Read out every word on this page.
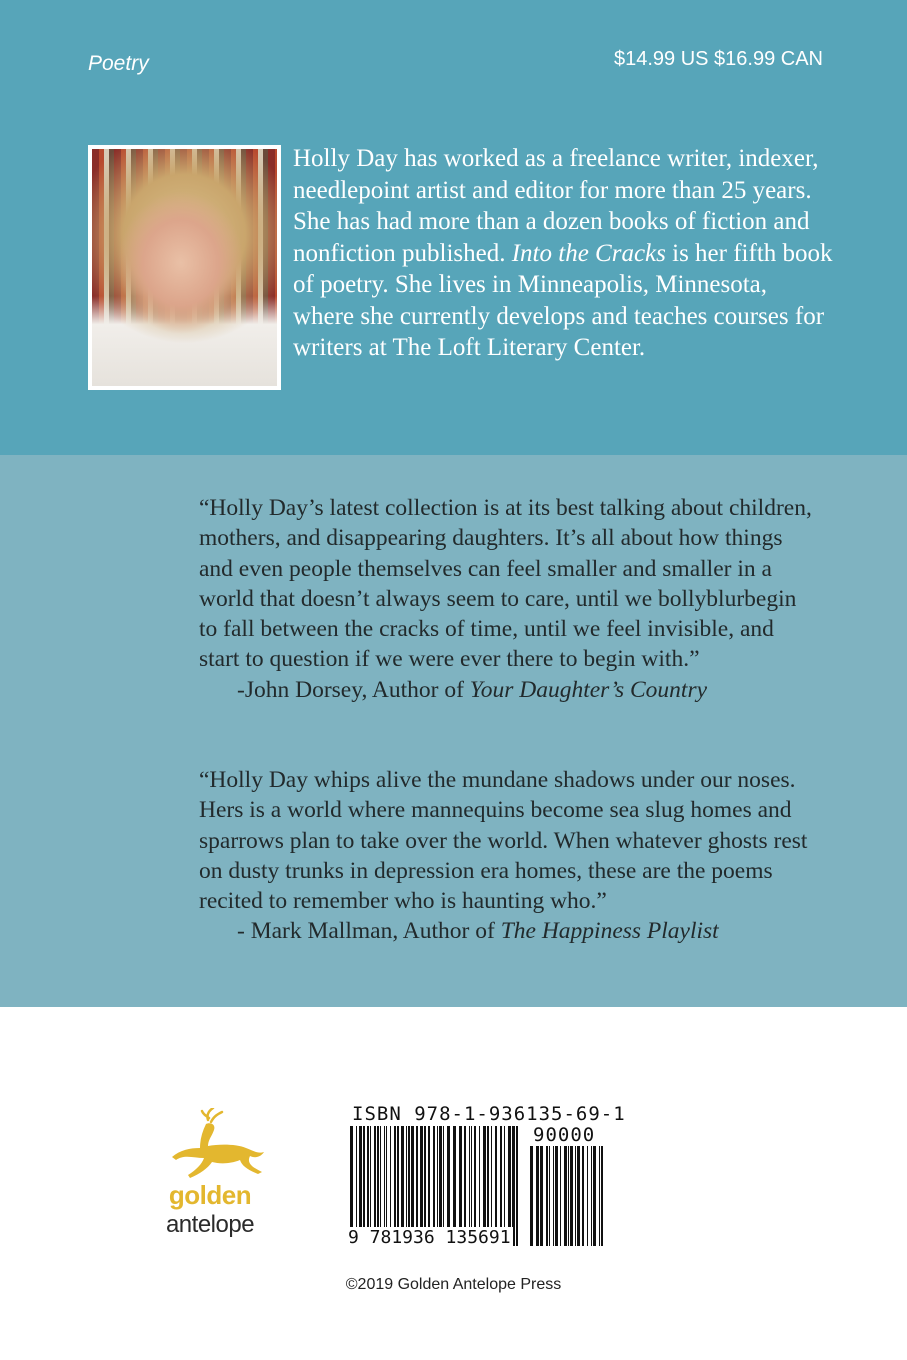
Poetry	$14.99 US $16.99 CAN
Holly Day has worked as a freelance writer, indexer, needlepoint artist and editor for more than 25 years. She has had more than a dozen books of fiction and nonfiction published. Into the Cracks is her fifth book of poetry. She lives in Minneapolis, Minnesota, where she currently develops and teaches courses for writers at The Loft Literary Center.
“Holly Day’s latest collection is at its best talking about children, mothers, and disappearing daughters. It’s all about how things and even people themselves can feel smaller and smaller in a world that doesn’t always seem to care, until we bollyblurbegin to fall between the cracks of time, until we feel invisible, and start to question if we were ever there to begin with.”
-John Dorsey, Author of Your Daughter’s Country
“Holly Day whips alive the mundane shadows under our noses. Hers is a world where mannequins become sea slug homes and sparrows plan to take over the world. When whatever ghosts rest on dusty trunks in depression era homes, these are the poems recited to remember who is haunting who.”
- Mark Mallman, Author of The Happiness Playlist
golden
antelope
ISBN 978-1-936135-69-1
90000
9 781936 135691
©2019 Golden Antelope Press
